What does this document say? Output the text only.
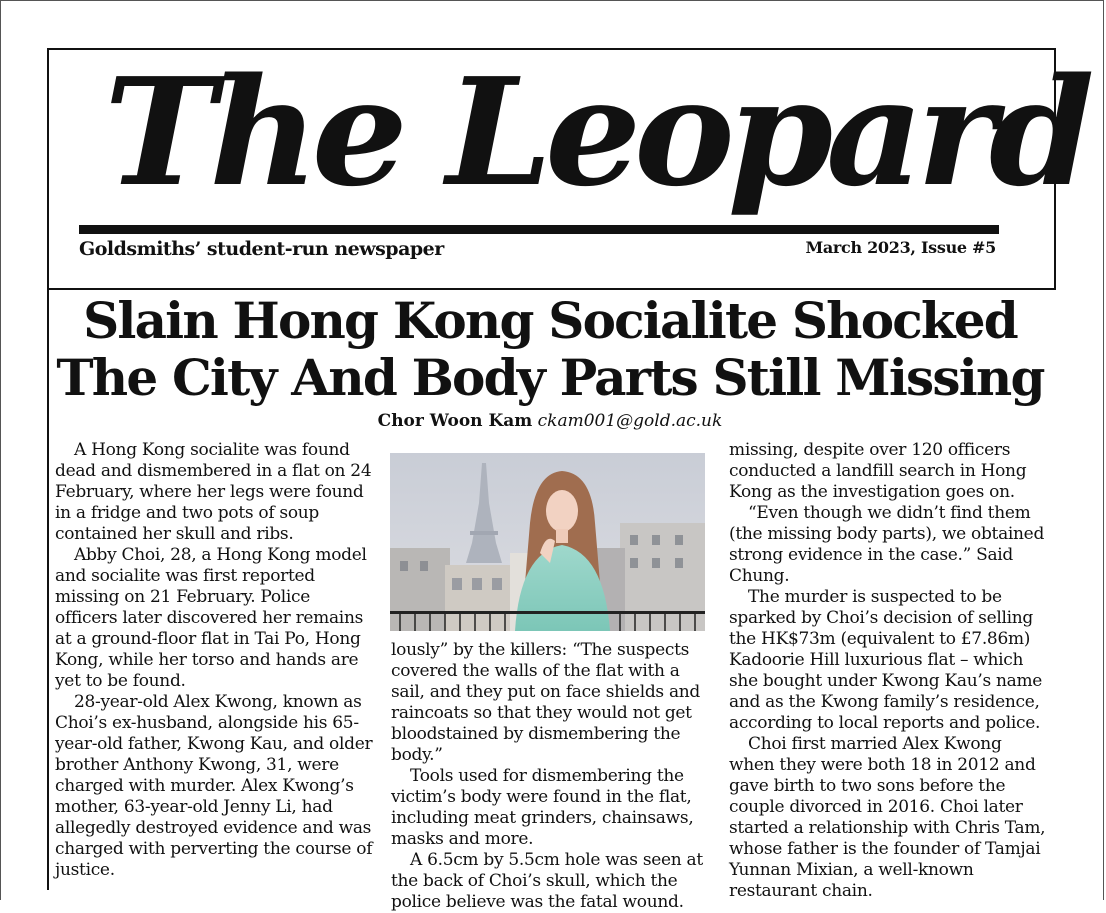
The Leopard
Goldsmiths’ student-run newspaper	March 2023, Issue #5
Slain Hong Kong Socialite Shocked
The City And Body Parts Still Missing
Chor Woon Kam ckam001@gold.ac.uk

A Hong Kong socialite was found dead and dismembered in a flat on 24 February, where her legs were found in a fridge and two pots of soup contained her skull and ribs.

Abby Choi, 28, a Hong Kong model and socialite was first reported missing on 21 February. Police officers later discovered her remains at a ground-floor flat in Tai Po, Hong Kong, while her torso and hands are yet to be found.

28-year-old Alex Kwong, known as Choi’s ex-husband, alongside his 65-year-old father, Kwong Kau, and older brother Anthony Kwong, 31, were charged with murder. Alex Kwong’s mother, 63-year-old Jenny Li, had allegedly destroyed evidence and was charged with perverting the course of justice.

lously” by the killers: “The suspects covered the walls of the flat with a sail, and they put on face shields and raincoats so that they would not get bloodstained by dismembering the body.”

Tools used for dismembering the victim’s body were found in the flat, including meat grinders, chainsaws, masks and more.

A 6.5cm by 5.5cm hole was seen at the back of Choi’s skull, which the police believe was the fatal wound.

missing, despite over 120 officers conducted a landfill search in Hong Kong as the investigation goes on.

“Even though we didn’t find them (the missing body parts), we obtained strong evidence in the case.” Said Chung.

The murder is suspected to be sparked by Choi’s decision of selling the HK$73m (equivalent to £7.86m) Kadoorie Hill luxurious flat – which she bought under Kwong Kau’s name and as the Kwong family’s residence, according to local reports and police.

Choi first married Alex Kwong when they were both 18 in 2012 and gave birth to two sons before the couple divorced in 2016. Choi later started a relationship with Chris Tam, whose father is the founder of Tamjai Yunnan Mixian, a well-known restaurant chain.
